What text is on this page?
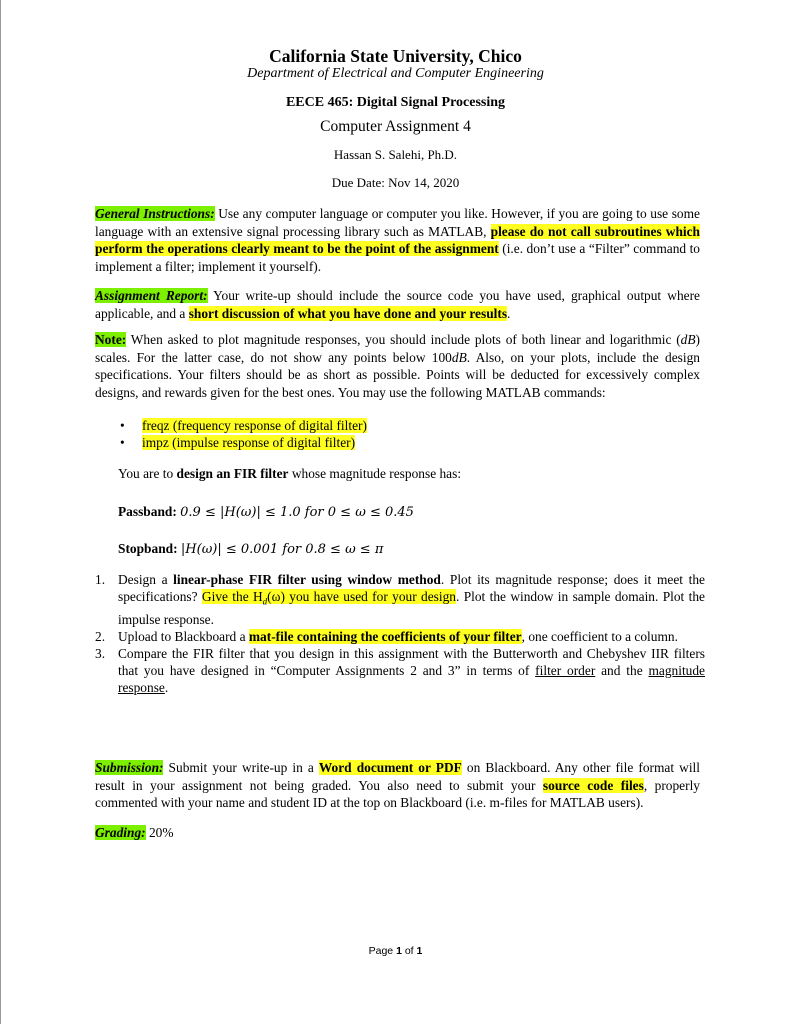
California State University, Chico
Department of Electrical and Computer Engineering
EECE 465: Digital Signal Processing
Computer Assignment 4
Hassan S. Salehi, Ph.D.
Due Date: Nov 14, 2020
General Instructions: Use any computer language or computer you like. However, if you are going to use some language with an extensive signal processing library such as MATLAB, please do not call subroutines which perform the operations clearly meant to be the point of the assignment (i.e. don’t use a “Filter” command to implement a filter; implement it yourself).
Assignment Report: Your write-up should include the source code you have used, graphical output where applicable, and a short discussion of what you have done and your results.
Note: When asked to plot magnitude responses, you should include plots of both linear and logarithmic (dB) scales. For the latter case, do not show any points below 100dB. Also, on your plots, include the design specifications. Your filters should be as short as possible. Points will be deducted for excessively complex designs, and rewards given for the best ones. You may use the following MATLAB commands:
• freqz (frequency response of digital filter)
• impz (impulse response of digital filter)
You are to design an FIR filter whose magnitude response has:
Passband: 0.9 ≤ |H(ω)| ≤ 1.0 for 0 ≤ ω ≤ 0.45
Stopband: |H(ω)| ≤ 0.001 for 0.8 ≤ ω ≤ π
1. Design a linear-phase FIR filter using window method. Plot its magnitude response; does it meet the specifications? Give the $H_d(\omega)$ you have used for your design. Plot the window in sample domain. Plot the impulse response.
2. Upload to Blackboard a mat-file containing the coefficients of your filter, one coefficient to a column.
3. Compare the FIR filter that you design in this assignment with the Butterworth and Chebyshev IIR filters that you have designed in “Computer Assignments 2 and 3” in terms of filter order and the magnitude response.
Submission: Submit your write-up in a Word document or PDF on Blackboard. Any other file format will result in your assignment not being graded. You also need to submit your source code files, properly commented with your name and student ID at the top on Blackboard (i.e. m-files for MATLAB users).
Grading: 20%
Page 1 of 1
